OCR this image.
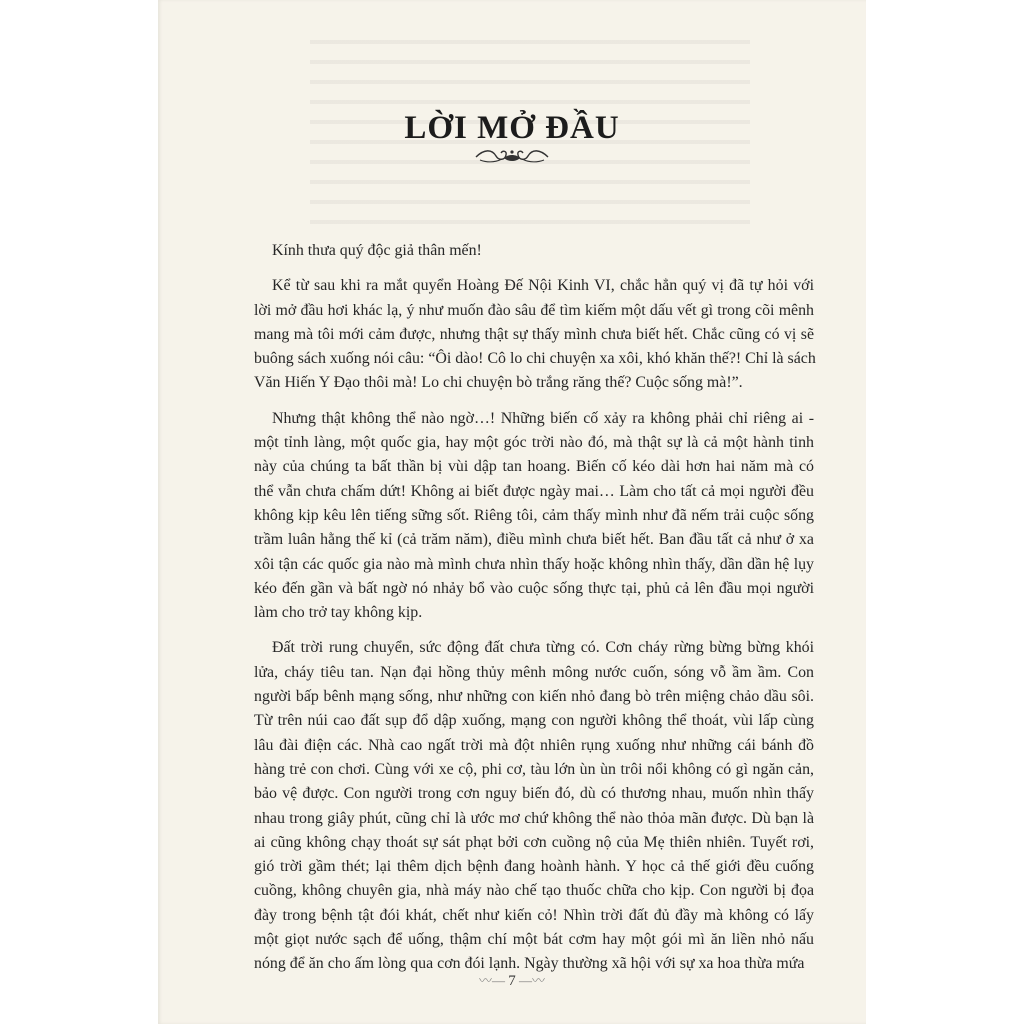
LỜI MỞ ĐẦU

Kính thưa quý độc giả thân mến!

Kể từ sau khi ra mắt quyển Hoàng Đế Nội Kinh VI, chắc hẳn quý vị đã tự hỏi với
lời mở đầu hơi khác lạ, ý như muốn đào sâu để tìm kiếm một dấu vết gì trong cõi mênh
mang mà tôi mới cảm được, nhưng thật sự thấy mình chưa biết hết. Chắc cũng có vị sẽ
buông sách xuống nói câu: “Ôi dào! Cô lo chi chuyện xa xôi, khó khăn thế?! Chỉ là sách
Văn Hiến Y Đạo thôi mà! Lo chi chuyện bò trắng răng thế? Cuộc sống mà!”.

Nhưng thật không thể nào ngờ…! Những biến cố xảy ra không phải chỉ riêng ai -
một tỉnh làng, một quốc gia, hay một góc trời nào đó, mà thật sự là cả một hành tinh
này của chúng ta bất thần bị vùi dập tan hoang. Biến cố kéo dài hơn hai năm mà có
thể vẫn chưa chấm dứt! Không ai biết được ngày mai… Làm cho tất cả mọi người đều
không kịp kêu lên tiếng sững sốt. Riêng tôi, cảm thấy mình như đã nếm trải cuộc sống
trầm luân hằng thế kỉ (cả trăm năm), điều mình chưa biết hết. Ban đầu tất cả như ở xa
xôi tận các quốc gia nào mà mình chưa nhìn thấy hoặc không nhìn thấy, dần dần hệ lụy
kéo đến gần và bất ngờ nó nhảy bổ vào cuộc sống thực tại, phủ cả lên đầu mọi người
làm cho trở tay không kịp.

Đất trời rung chuyển, sức động đất chưa từng có. Cơn cháy rừng bừng bừng khói
lửa, cháy tiêu tan. Nạn đại hồng thủy mênh mông nước cuốn, sóng vỗ ầm ầm. Con
người bấp bênh mạng sống, như những con kiến nhỏ đang bò trên miệng chảo dầu sôi.
Từ trên núi cao đất sụp đổ dập xuống, mạng con người không thể thoát, vùi lấp cùng
lâu đài điện các. Nhà cao ngất trời mà đột nhiên rụng xuống như những cái bánh đồ
hàng trẻ con chơi. Cùng với xe cộ, phi cơ, tàu lớn ùn ùn trôi nổi không có gì ngăn cản,
bảo vệ được. Con người trong cơn nguy biến đó, dù có thương nhau, muốn nhìn thấy
nhau trong giây phút, cũng chỉ là ước mơ chứ không thể nào thỏa mãn được. Dù bạn là
ai cũng không chạy thoát sự sát phạt bởi cơn cuồng nộ của Mẹ thiên nhiên. Tuyết rơi,
gió trời gầm thét; lại thêm dịch bệnh đang hoành hành. Y học cả thế giới đều cuống
cuồng, không chuyên gia, nhà máy nào chế tạo thuốc chữa cho kịp. Con người bị đọa
đày trong bệnh tật đói khát, chết như kiến cỏ! Nhìn trời đất đủ đầy mà không có lấy
một giọt nước sạch để uống, thậm chí một bát cơm hay một gói mì ăn liền nhỏ nấu
nóng để ăn cho ấm lòng qua cơn đói lạnh. Ngày thường xã hội với sự xa hoa thừa mứa

〰— 7 —〰
